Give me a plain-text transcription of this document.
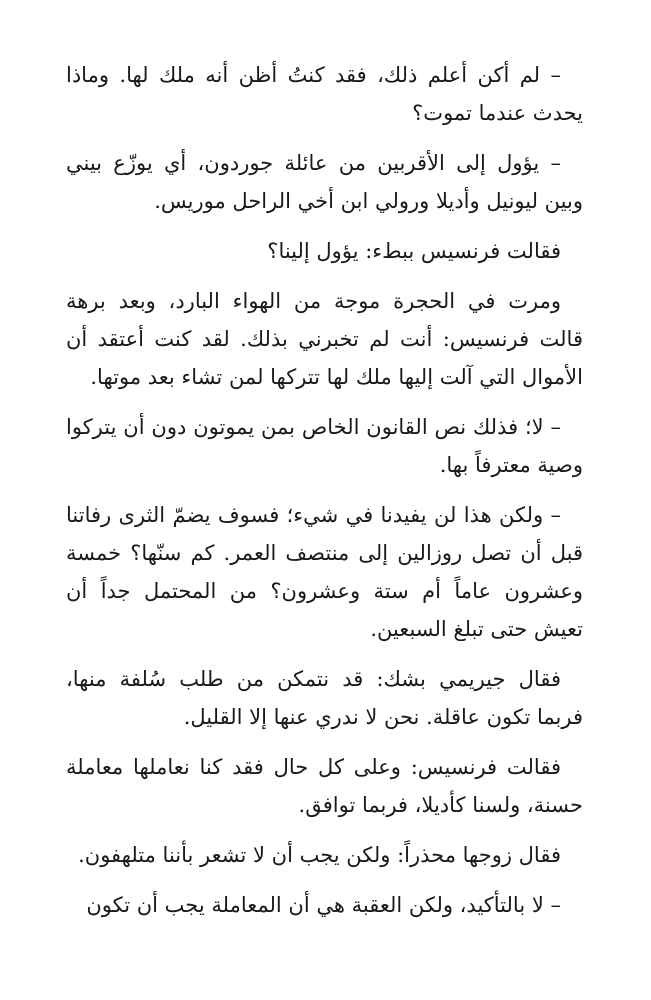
– لم أكن أعلم ذلك، فقد كنتُ أظن أنه ملك لها. وماذا يحدث عندما تموت؟

– يؤول إلى الأقربين من عائلة جوردون، أي يوزّع بيني وبين ليونيل وأديلا ورولي ابن أخي الراحل موريس.

فقالت فرنسيس ببطء: يؤول إلينا؟

ومرت في الحجرة موجة من الهواء البارد، وبعد برهة قالت فرنسيس: أنت لم تخبرني بذلك. لقد كنت أعتقد أن الأموال التي آلت إليها ملك لها تتركها لمن تشاء بعد موتها.

– لا؛ فذلك نص القانون الخاص بمن يموتون دون أن يتركوا وصية معترفاً بها.

– ولكن هذا لن يفيدنا في شيء؛ فسوف يضمّ الثرى رفاتنا قبل أن تصل روزالين إلى منتصف العمر. كم سنّها؟ خمسة وعشرون عاماً أم ستة وعشرون؟ من المحتمل جداً أن تعيش حتى تبلغ السبعين.

فقال جيريمي بشك: قد نتمكن من طلب سُلفة منها، فربما تكون عاقلة. نحن لا ندري عنها إلا القليل.

فقالت فرنسيس: وعلى كل حال فقد كنا نعاملها معاملة حسنة، ولسنا كأديلا، فربما توافق.

فقال زوجها محذراً: ولكن يجب أن لا تشعر بأننا متلهفون.

– لا بالتأكيد، ولكن العقبة هي أن المعاملة يجب أن تكون
